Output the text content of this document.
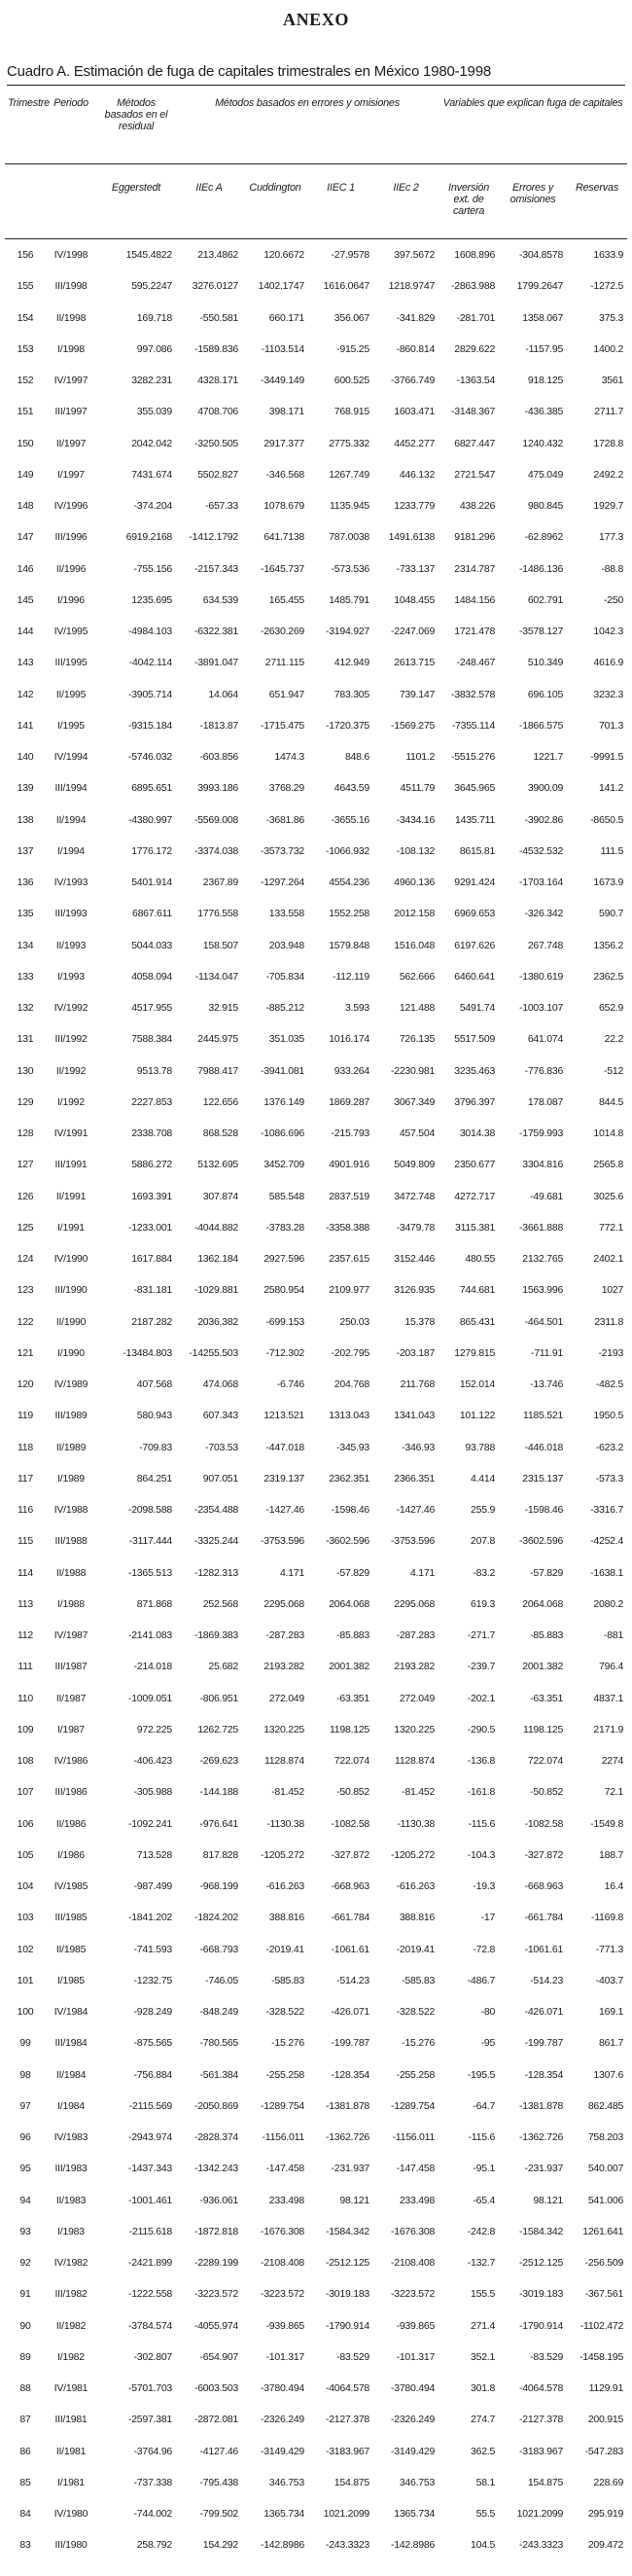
ANEXO
Cuadro A. Estimación de fuga de capitales trimestrales en México 1980-1998
Trimestre	Periodo	Métodos basados en el residual	Métodos basados en errores y omisiones				Variables que explican fuga de capitales		
		Eggerstedt	IIEc A	Cuddington	IIEC 1	IIEc 2	Inversión ext. de cartera	Errores y omisiones	Reservas
156	IV/1998	1545.4822	213.4862	120.6672	-27.9578	397.5672	1608.896	-304.8578	1633.9
155	III/1998	595.2247	3276.0127	1402.1747	1616.0647	1218.9747	-2863.988	1799.2647	-1272.5
154	II/1998	169.718	-550.581	660.171	356.067	-341.829	-281.701	1358.067	375.3
153	I/1998	997.086	-1589.836	-1103.514	-915.25	-860.814	2829.622	-1157.95	1400.2
152	IV/1997	3282.231	4328.171	-3449.149	600.525	-3766.749	-1363.54	918.125	3561
151	III/1997	355.039	4708.706	398.171	768.915	1603.471	-3148.367	-436.385	2711.7
150	II/1997	2042.042	-3250.505	2917.377	2775.332	4452.277	6827.447	1240.432	1728.8
149	I/1997	7431.674	5502.827	-346.568	1267.749	446.132	2721.547	475.049	2492.2
148	IV/1996	-374.204	-657.33	1078.679	1135.945	1233.779	438.226	980.845	1929.7
147	III/1996	6919.2168	-1412.1792	641.7138	787.0038	1491.6138	9181.296	-62.8962	177.3
146	II/1996	-755.156	-2157.343	-1645.737	-573.536	-733.137	2314.787	-1486.136	-88.8
145	I/1996	1235.695	634.539	165.455	1485.791	1048.455	1484.156	602.791	-250
144	IV/1995	-4984.103	-6322.381	-2630.269	-3194.927	-2247.069	1721.478	-3578.127	1042.3
143	III/1995	-4042.114	-3891.047	2711.115	412.949	2613.715	-248.467	510.349	4616.9
142	II/1995	-3905.714	14.064	651.947	783.305	739.147	-3832.578	696.105	3232.3
141	I/1995	-9315.184	-1813.87	-1715.475	-1720.375	-1569.275	-7355.114	-1866.575	701.3
140	IV/1994	-5746.032	-603.856	1474.3	848.6	1101.2	-5515.276	1221.7	-9991.5
139	III/1994	6895.651	3993.186	3768.29	4643.59	4511.79	3645.965	3900.09	141.2
138	II/1994	-4380.997	-5569.008	-3681.86	-3655.16	-3434.16	1435.711	-3902.86	-8650.5
137	I/1994	1776.172	-3374.038	-3573.732	-1066.932	-108.132	8615.81	-4532.532	111.5
136	IV/1993	5401.914	2367.89	-1297.264	4554.236	4960.136	9291.424	-1703.164	1673.9
135	III/1993	6867.611	1776.558	133.558	1552.258	2012.158	6969.653	-326.342	590.7
134	II/1993	5044.033	158.507	203.948	1579.848	1516.048	6197.626	267.748	1356.2
133	I/1993	4058.094	-1134.047	-705.834	-112.119	562.666	6460.641	-1380.619	2362.5
132	IV/1992	4517.955	32.915	-885.212	3.593	121.488	5491.74	-1003.107	652.9
131	III/1992	7588.384	2445.975	351.035	1016.174	726.135	5517.509	641.074	22.2
130	II/1992	9513.78	7988.417	-3941.081	933.264	-2230.981	3235.463	-776.836	-512
129	I/1992	2227.853	122.656	1376.149	1869.287	3067.349	3796.397	178.087	844.5
128	IV/1991	2338.708	868.528	-1086.696	-215.793	457.504	3014.38	-1759.993	1014.8
127	III/1991	5886.272	5132.695	3452.709	4901.916	5049.809	2350.677	3304.816	2565.8
126	II/1991	1693.391	307.874	585.548	2837.519	3472.748	4272.717	-49.681	3025.6
125	I/1991	-1233.001	-4044.882	-3783.28	-3358.388	-3479.78	3115.381	-3661.888	772.1
124	IV/1990	1617.884	1362.184	2927.596	2357.615	3152.446	480.55	2132.765	2402.1
123	III/1990	-831.181	-1029.881	2580.954	2109.977	3126.935	744.681	1563.996	1027
122	II/1990	2187.282	2036.382	-699.153	250.03	15.378	865.431	-464.501	2311.8
121	I/1990	-13484.803	-14255.503	-712.302	-202.795	-203.187	1279.815	-711.91	-2193
120	IV/1989	407.568	474.068	-6.746	204.768	211.768	152.014	-13.746	-482.5
119	III/1989	580.943	607.343	1213.521	1313.043	1341.043	101.122	1185.521	1950.5
118	II/1989	-709.83	-703.53	-447.018	-345.93	-346.93	93.788	-446.018	-623.2
117	I/1989	864.251	907.051	2319.137	2362.351	2366.351	4.414	2315.137	-573.3
116	IV/1988	-2098.588	-2354.488	-1427.46	-1598.46	-1427.46	255.9	-1598.46	-3316.7
115	III/1988	-3117.444	-3325.244	-3753.596	-3602.596	-3753.596	207.8	-3602.596	-4252.4
114	II/1988	-1365.513	-1282.313	4.171	-57.829	4.171	-83.2	-57.829	-1638.1
113	I/1988	871.868	252.568	2295.068	2064.068	2295.068	619.3	2064.068	2080.2
112	IV/1987	-2141.083	-1869.383	-287.283	-85.883	-287.283	-271.7	-85.883	-881
111	III/1987	-214.018	25.682	2193.282	2001.382	2193.282	-239.7	2001.382	796.4
110	II/1987	-1009.051	-806.951	272.049	-63.351	272.049	-202.1	-63.351	4837.1
109	I/1987	972.225	1262.725	1320.225	1198.125	1320.225	-290.5	1198.125	2171.9
108	IV/1986	-406.423	-269.623	1128.874	722.074	1128.874	-136.8	722.074	2274
107	III/1986	-305.988	-144.188	-81.452	-50.852	-81.452	-161.8	-50.852	72.1
106	II/1986	-1092.241	-976.641	-1130.38	-1082.58	-1130.38	-115.6	-1082.58	-1549.8
105	I/1986	713.528	817.828	-1205.272	-327.872	-1205.272	-104.3	-327.872	188.7
104	IV/1985	-987.499	-968.199	-616.263	-668.963	-616.263	-19.3	-668.963	16.4
103	III/1985	-1841.202	-1824.202	388.816	-661.784	388.816	-17	-661.784	-1169.8
102	II/1985	-741.593	-668.793	-2019.41	-1061.61	-2019.41	-72.8	-1061.61	-771.3
101	I/1985	-1232.75	-746.05	-585.83	-514.23	-585.83	-486.7	-514.23	-403.7
100	IV/1984	-928.249	-848.249	-328.522	-426.071	-328.522	-80	-426.071	169.1
99	III/1984	-875.565	-780.565	-15.276	-199.787	-15.276	-95	-199.787	861.7
98	II/1984	-756.884	-561.384	-255.258	-128.354	-255.258	-195.5	-128.354	1307.6
97	I/1984	-2115.569	-2050.869	-1289.754	-1381.878	-1289.754	-64.7	-1381.878	862.485
96	IV/1983	-2943.974	-2828.374	-1156.011	-1362.726	-1156.011	-115.6	-1362.726	758.203
95	III/1983	-1437.343	-1342.243	-147.458	-231.937	-147.458	-95.1	-231.937	540.007
94	II/1983	-1001.461	-936.061	233.498	98.121	233.498	-65.4	98.121	541.006
93	I/1983	-2115.618	-1872.818	-1676.308	-1584.342	-1676.308	-242.8	-1584.342	1261.641
92	IV/1982	-2421.899	-2289.199	-2108.408	-2512.125	-2108.408	-132.7	-2512.125	-256.509
91	III/1982	-1222.558	-3223.572	-3223.572	-3019.183	-3223.572	155.5	-3019.183	-367.561
90	II/1982	-3784.574	-4055.974	-939.865	-1790.914	-939.865	271.4	-1790.914	-1102.472
89	I/1982	-302.807	-654.907	-101.317	-83.529	-101.317	352.1	-83.529	-1458.195
88	IV/1981	-5701.703	-6003.503	-3780.494	-4064.578	-3780.494	301.8	-4064.578	1129.91
87	III/1981	-2597.381	-2872.081	-2326.249	-2127.378	-2326.249	274.7	-2127.378	200.915
86	II/1981	-3764.96	-4127.46	-3149.429	-3183.967	-3149.429	362.5	-3183.967	-547.283
85	I/1981	-737.338	-795.438	346.753	154.875	346.753	58.1	154.875	228.69
84	IV/1980	-744.002	-799.502	1365.734	1021.2099	1365.734	55.5	1021.2099	295.919
83	III/1980	258.792	154.292	-142.8986	-243.3323	-142.8986	104.5	-243.3323	209.472
